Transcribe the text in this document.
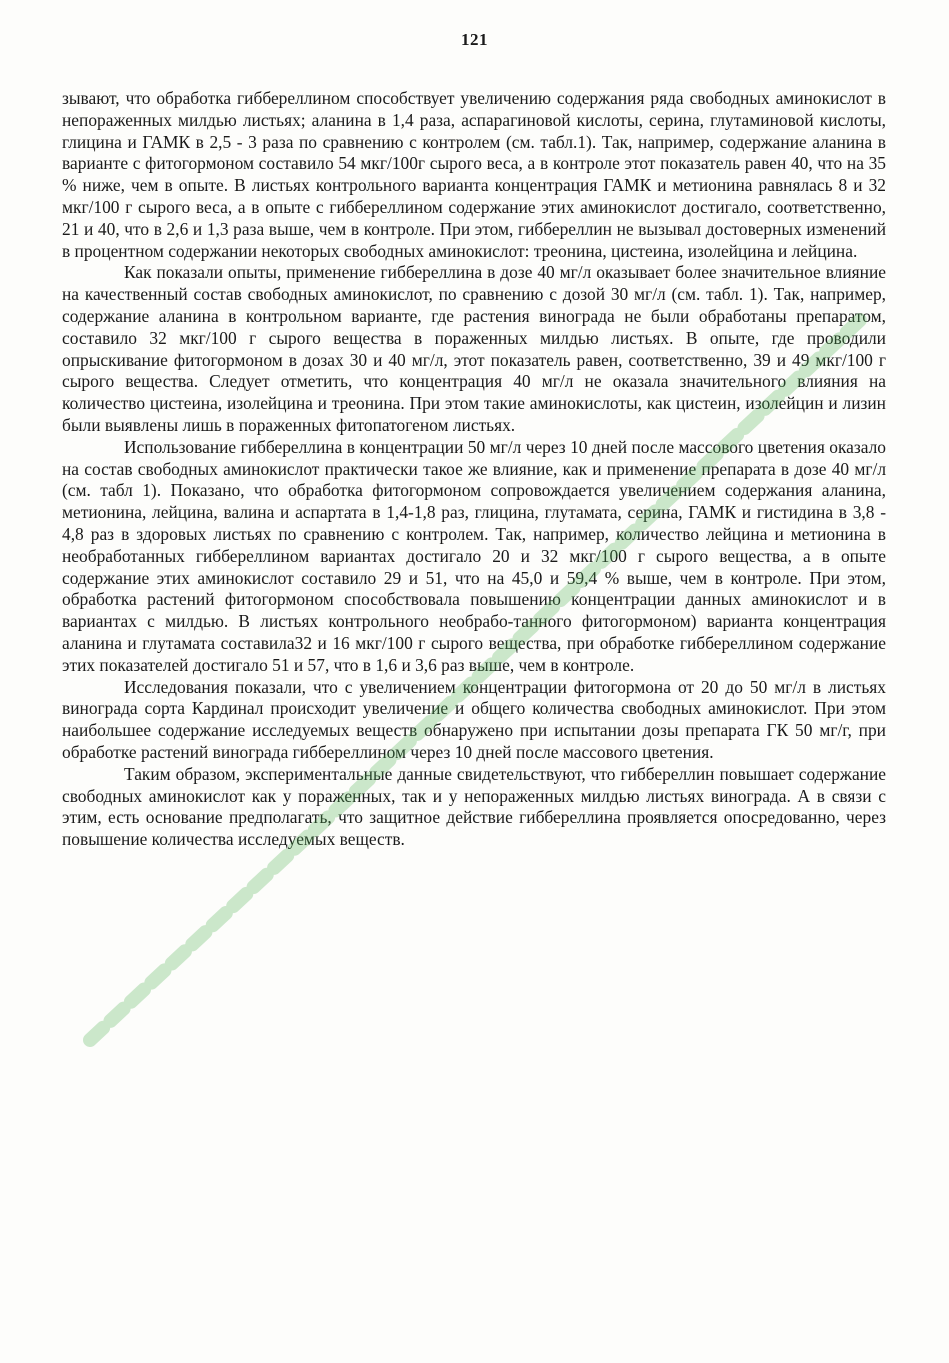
121

зывают, что обработка гиббереллином способствует увеличению содержания ряда свободных аминокислот в непораженных милдью листьях; аланина в 1,4 раза, аспарагиновой кислоты, серина, глутаминовой кислоты, глицина и ГАМК в 2,5 - 3 раза по сравнению с контролем (см. табл.1). Так, например, содержание аланина в варианте с фитогормоном составило 54 мкг/100г сырого веса, а в контроле этот показатель равен 40, что на 35 % ниже, чем в опыте. В листьях контрольного варианта концентрация ГАМК и метионина равнялась 8 и 32 мкг/100 г сырого веса, а в опыте с гиббереллином содержание этих аминокислот достигало, соответственно, 21 и 40, что в 2,6 и 1,3 раза выше, чем в контроле. При этом, гиббереллин не вызывал достоверных изменений в процентном содержании некоторых свободных аминокислот: треонина, цистеина, изолейцина и лейцина.

Как показали опыты, применение гиббереллина в дозе 40 мг/л оказывает более значительное влияние на качественный состав свободных аминокислот, по сравнению с дозой 30 мг/л (см. табл. 1). Так, например, содержание аланина в контрольном варианте, где растения винограда не были обработаны препаратом, составило 32 мкг/100 г сырого вещества в пораженных милдью листьях. В опыте, где проводили опрыскивание фитогормоном в дозах 30 и 40 мг/л, этот показатель равен, соответственно, 39 и 49 мкг/100 г сырого вещества. Следует отметить, что концентрация 40 мг/л не оказала значительного влияния на количество цистеина, изолейцина и треонина. При этом такие аминокислоты, как цистеин, изолейцин и лизин были выявлены лишь в пораженных фитопатогеном листьях.

Использование гиббереллина в концентрации 50 мг/л через 10 дней после массового цветения оказало на состав свободных аминокислот практически такое же влияние, как и применение препарата в дозе 40 мг/л (см. табл 1). Показано, что обработка фитогормоном сопровождается увеличением содержания аланина, метионина, лейцина, валина и аспартата в 1,4-1,8 раз, глицина, глутамата, серина, ГАМК и гистидина в 3,8 - 4,8 раз в здоровых листьях по сравнению с контролем. Так, например, количество лейцина и метионина в необработанных гиббереллином вариантах достигало 20 и 32 мкг/100 г сырого вещества, а в опыте содержание этих аминокислот составило 29 и 51, что на 45,0 и 59,4 % выше, чем в контроле. При этом, обработка растений фитогормоном способствовала повышению концентрации данных аминокислот и в вариантах с милдью. В листьях контрольного необрабо-танного фитогормоном) варианта концентрация аланина и глутамата составила32 и 16 мкг/100 г сырого вещества, при обработке гиббереллином содержание этих показателей достигало 51 и 57, что в 1,6 и 3,6 раз выше, чем в контроле.

Исследования показали, что с увеличением концентрации фитогормона от 20 до 50 мг/л в листьях винограда сорта Кардинал происходит увеличение и общего количества свободных аминокислот. При этом наибольшее содержание исследуемых веществ обнаружено при испытании дозы препарата ГК 50 мг/г, при обработке растений винограда гиббереллином через 10 дней после массового цветения.

Таким образом, экспериментальные данные свидетельствуют, что гиббереллин повышает содержание свободных аминокислот как у пораженных, так и у непораженных милдью листьях винограда. А в связи с этим, есть основание предполагать, что защитное действие гиббереллина проявляется опосредованно, через повышение количества исследуемых веществ.
